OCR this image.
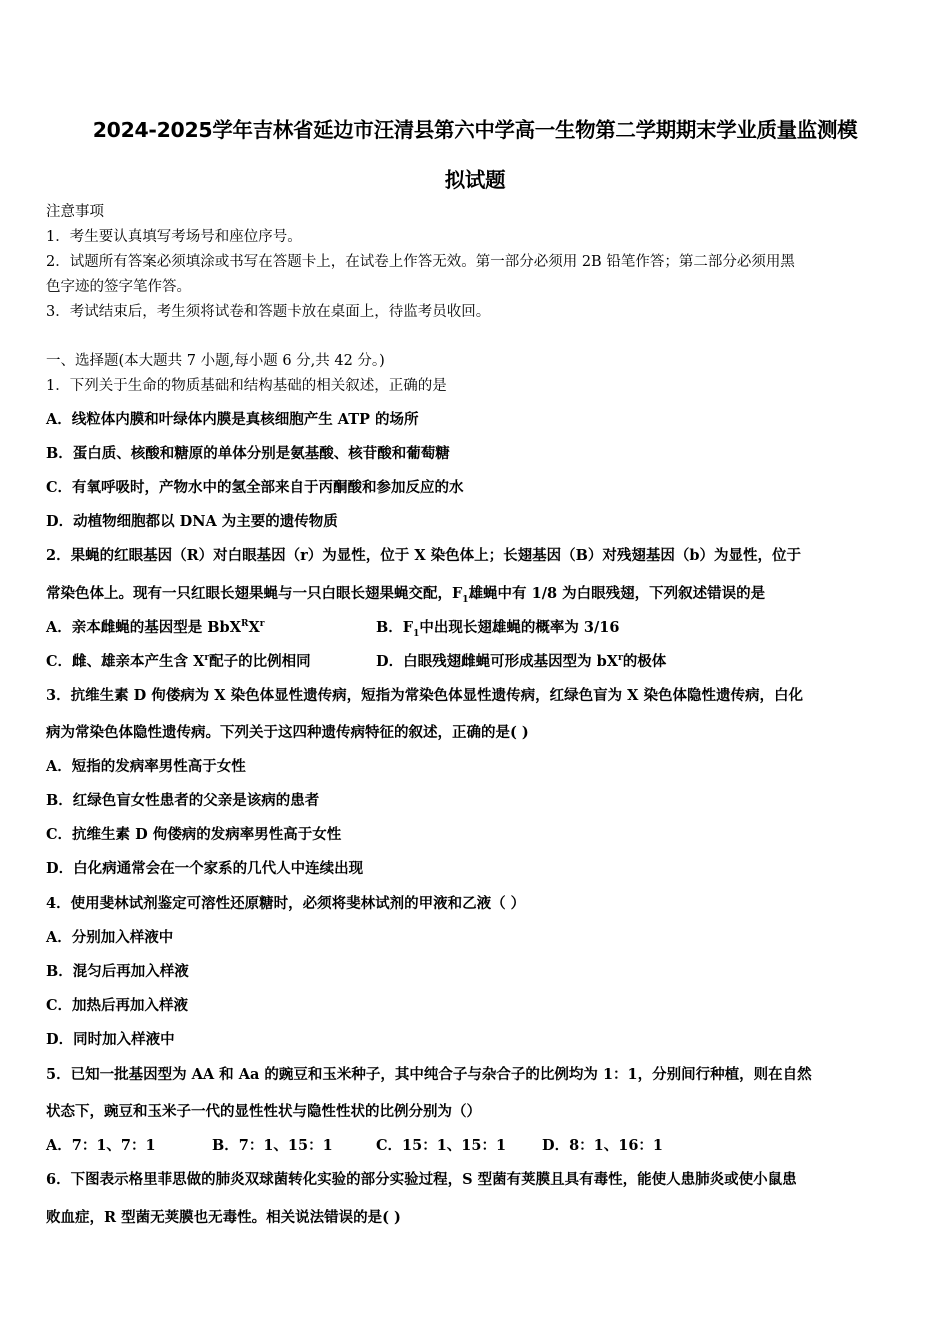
2024-2025学年吉林省延边市汪清县第六中学高一生物第二学期期末学业质量监测模
拟试题
注意事项
1．考生要认真填写考场号和座位序号。
2．试题所有答案必须填涂或书写在答题卡上，在试卷上作答无效。第一部分必须用 2B 铅笔作答；第二部分必须用黑
色字迹的签字笔作答。
3．考试结束后，考生须将试卷和答题卡放在桌面上，待监考员收回。
一、选择题(本大题共 7 小题,每小题 6 分,共 42 分。)
1．下列关于生命的物质基础和结构基础的相关叙述，正确的是
A．线粒体内膜和叶绿体内膜是真核细胞产生 ATP 的场所
B．蛋白质、核酸和糖原的单体分别是氨基酸、核苷酸和葡萄糖
C．有氧呼吸时，产物水中的氢全部来自于丙酮酸和参加反应的水
D．动植物细胞都以 DNA 为主要的遗传物质
2．果蝇的红眼基因（R）对白眼基因（r）为显性，位于 X 染色体上；长翅基因（B）对残翅基因（b）为显性，位于
常染色体上。现有一只红眼长翅果蝇与一只白眼长翅果蝇交配，$F_1$雄蝇中有 1/8 为白眼残翅，下列叙述错误的是
A．亲本雌蝇的基因型是 $BbX^RX^r$	B．$F_1$中出现长翅雄蝇的概率为 3/16
C．雌、雄亲本产生含 $X^r$配子的比例相同	D．白眼残翅雌蝇可形成基因型为 $bX^r$的极体
3．抗维生素 D 佝偻病为 X 染色体显性遗传病，短指为常染色体显性遗传病，红绿色盲为 X 染色体隐性遗传病，白化
病为常染色体隐性遗传病。下列关于这四种遗传病特征的叙述，正确的是( )
A．短指的发病率男性高于女性
B．红绿色盲女性患者的父亲是该病的患者
C．抗维生素 D 佝偻病的发病率男性高于女性
D．白化病通常会在一个家系的几代人中连续出现
4．使用斐林试剂鉴定可溶性还原糖时，必须将斐林试剂的甲液和乙液（ ）
A．分别加入样液中
B．混匀后再加入样液
C．加热后再加入样液
D．同时加入样液中
5．已知一批基因型为 AA 和 Aa 的豌豆和玉米种子，其中纯合子与杂合子的比例均为 1：1，分别间行种植，则在自然
状态下，豌豆和玉米子一代的显性性状与隐性性状的比例分别为（）
A．7：1、7：1	B．7：1、15：1	C．15：1、15：1 D．8：1、16：1
6．下图表示格里菲思做的肺炎双球菌转化实验的部分实验过程，S 型菌有荚膜且具有毒性，能使人患肺炎或使小鼠患
败血症，R 型菌无荚膜也无毒性。相关说法错误的是( )
